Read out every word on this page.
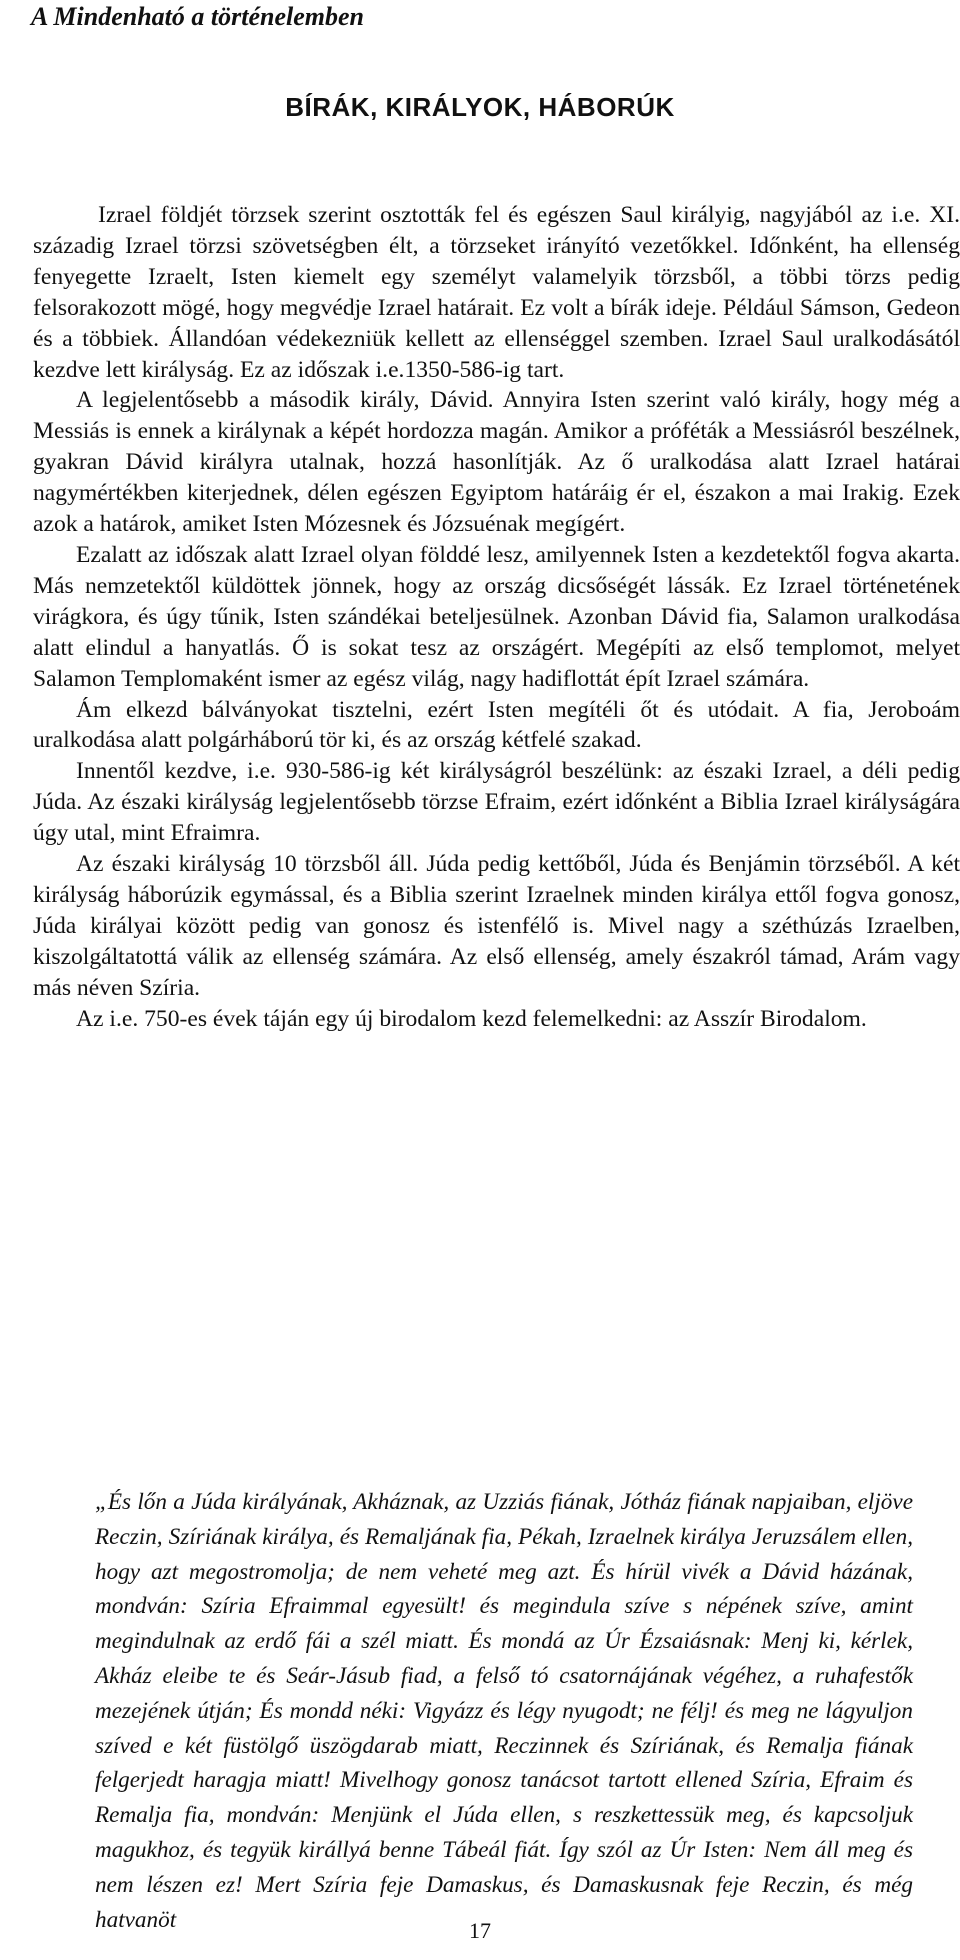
A Mindenható a történelemben
BÍRÁK, KIRÁLYOK, HÁBORÚK

Izrael földjét törzsek szerint osztották fel és egészen Saul királyig, nagyjából az i.e. XI. századig Izrael törzsi szövetségben élt, a törzseket irányító vezetőkkel. Időnként, ha ellenség fenyegette Izraelt, Isten kiemelt egy személyt valamelyik törzsből, a többi törzs pedig felsorakozott mögé, hogy megvédje Izrael határait. Ez volt a bírák ideje. Például Sámson, Gedeon és a többiek. Állandóan védekezniük kellett az ellenséggel szemben. Izrael Saul uralkodásától kezdve lett királyság. Ez az időszak i.e.1350-586-ig tart.

A legjelentősebb a második király, Dávid. Annyira Isten szerint való király, hogy még a Messiás is ennek a királynak a képét hordozza magán. Amikor a próféták a Messiásról beszélnek, gyakran Dávid királyra utalnak, hozzá hasonlítják. Az ő uralkodása alatt Izrael határai nagymértékben kiterjednek, délen egészen Egyiptom határáig ér el, északon a mai Irakig. Ezek azok a határok, amiket Isten Mózesnek és Józsuénak megígért.

Ezalatt az időszak alatt Izrael olyan földdé lesz, amilyennek Isten a kezdetektől fogva akarta. Más nemzetektől küldöttek jönnek, hogy az ország dicsőségét lássák. Ez Izrael történetének virágkora, és úgy tűnik, Isten szándékai beteljesülnek. Azonban Dávid fia, Salamon uralkodása alatt elindul a hanyatlás. Ő is sokat tesz az országért. Megépíti az első templomot, melyet Salamon Templomaként ismer az egész világ, nagy hadiflottát épít Izrael számára.

Ám elkezd bálványokat tisztelni, ezért Isten megítéli őt és utódait. A fia, Jeroboám uralkodása alatt polgárháború tör ki, és az ország kétfelé szakad.

Innentől kezdve, i.e. 930-586-ig két királyságról beszélünk: az északi Izrael, a déli pedig Júda. Az északi királyság legjelentősebb törzse Efraim, ezért időnként a Biblia Izrael királyságára úgy utal, mint Efraimra.

Az északi királyság 10 törzsből áll. Júda pedig kettőből, Júda és Benjámin törzséből. A két királyság háborúzik egymással, és a Biblia szerint Izraelnek minden királya ettől fogva gonosz, Júda királyai között pedig van gonosz és istenfélő is. Mivel nagy a széthúzás Izraelben, kiszolgáltatottá válik az ellenség számára. Az első ellenség, amely északról támad, Arám vagy más néven Szíria.

Az i.e. 750-es évek táján egy új birodalom kezd felemelkedni: az Asszír Birodalom.

„És lőn a Júda királyának, Akháznak, az Uzziás fiának, Jótház fiának napjaiban, eljöve Reczin, Szíriának királya, és Remaljának fia, Pékah, Izraelnek királya Jeruzsálem ellen, hogy azt megostromolja; de nem veheté meg azt. És hírül vivék a Dávid házának, mondván: Szíria Efraimmal egyesült! és megindula szíve s népének szíve, amint megindulnak az erdő fái a szél miatt. És mondá az Úr Ézsaiásnak: Menj ki, kérlek, Akház eleibe te és Seár-Jásub fiad, a felső tó csatornájának végéhez, a ruhafestők mezejének útján; És mondd néki: Vigyázz és légy nyugodt; ne félj! és meg ne lágyuljon szíved e két füstölgő üszögdarab miatt, Reczinnek és Szíriának, és Remalja fiának felgerjedt haragja miatt! Mivelhogy gonosz tanácsot tartott ellened Szíria, Efraim és Remalja fia, mondván: Menjünk el Júda ellen, s reszkettessük meg, és kapcsoljuk magukhoz, és tegyük királlyá benne Tábeál fiát. Így szól az Úr Isten: Nem áll meg és nem lészen ez! Mert Szíria feje Damaskus, és Damaskusnak feje Reczin, és még hatvanöt	17
